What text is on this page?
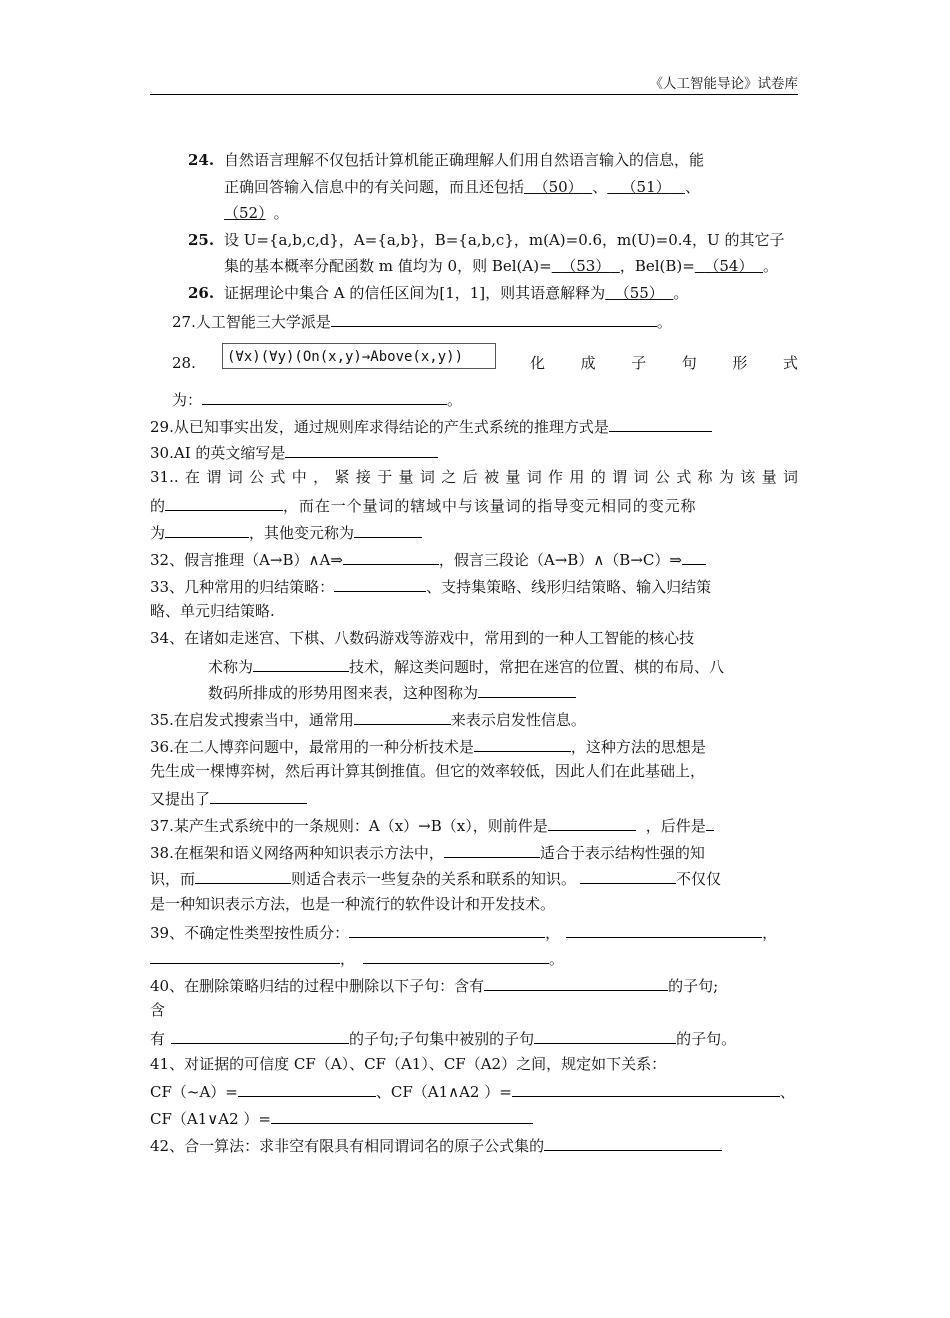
《人工智能导论》试卷库
24. 自然语言理解不仅包括计算机能正确理解人们用自然语言输入的信息，能
正确回答输入信息中的有关问题，而且还包括 （50） 、 （51） 、
（52） 。
25. 设 U={a,b,c,d}，A={a,b}，B={a,b,c}，m(A)=0.6，m(U)=0.4，U 的其它子
集的基本概率分配函数 m 值均为 0，则 Bel(A)= （53） ，Bel(B)= （54） 。
26. 证据理论中集合 A 的信任区间为[1，1]，则其语意解释为 （55） 。
27.人工智能三大学派是	。
28.	(∀x)(∀y)(On(x,y)→Above(x,y))	化成子句形式
为：	。
29.从已知事实出发，通过规则库求得结论的产生式系统的推理方式是
30.AI 的英文缩写是
31..在谓词公式中，紧接于量词之后被量词作用的谓词公式称为该量词
的	，而在一个量词的辖域中与该量词的指导变元相同的变元称
为	，其他变元称为
32、假言推理（A→B）∧A⇒	，假言三段论（A→B）∧（B→C）⇒
33、几种常用的归结策略：	、支持集策略、线形归结策略、输入归结策
略、单元归结策略.
34、在诸如走迷宫、下棋、八数码游戏等游戏中，常用到的一种人工智能的核心技
术称为	技术，解这类问题时，常把在迷宫的位置、棋的布局、八
数码所排成的形势用图来表，这种图称为
35.在启发式搜索当中，通常用	来表示启发性信息。
36.在二人博弈问题中，最常用的一种分析技术是	，这种方法的思想是
先生成一棵博弈树，然后再计算其倒推值。但它的效率较低，因此人们在此基础上，
又提出了
37.某产生式系统中的一条规则：A（x）→B（x），则前件是	，后件是
38.在框架和语义网络两种知识表示方法中，	适合于表示结构性强的知
识，而	则适合表示一些复杂的关系和联系的知识。	不仅仅
是一种知识表示方法，也是一种流行的软件设计和开发技术。
39、不确定性类型按性质分：	，	，
，	。
40、在删除策略归结的过程中删除以下子句：含有	的子句;
含
有	的子句;子句集中被别的子句	的子句。
41、对证据的可信度 CF（A）、CF（A1）、CF（A2）之间，规定如下关系：
CF（~A）=	、CF（A1∧A2 ）=	、
CF（A1∨A2 ）=
42、合一算法：求非空有限具有相同谓词名的原子公式集的
